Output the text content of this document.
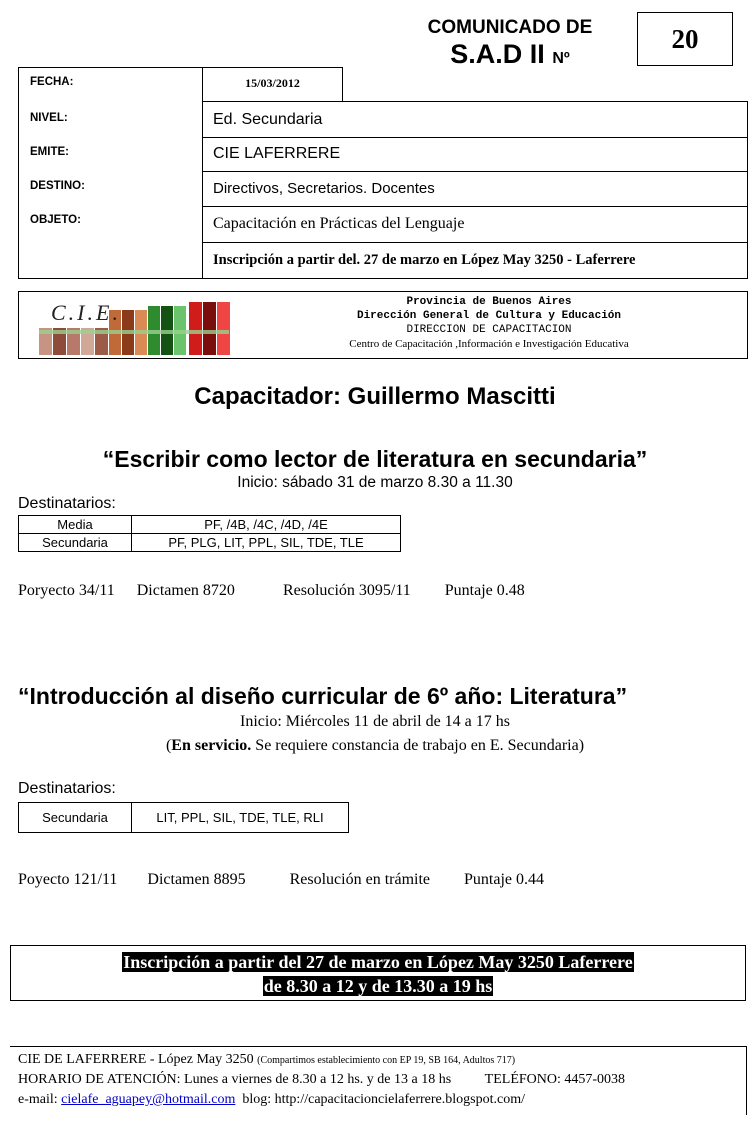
COMUNICADO DE
S.A.D II Nº
20
FECHA:	15/03/2012
NIVEL:	Ed. Secundaria
EMITE:	CIE LAFERRERE
DESTINO:	Directivos, Secretarios. Docentes
OBJETO:	Capacitación en Prácticas del Lenguaje
Inscripción a partir del. 27 de marzo en López May 3250 - Laferrere
C.I.E.	Provincia de Buenos Aires
Dirección General de Cultura y Educación
DIRECCION DE CAPACITACION
Centro de Capacitación ,Información e Investigación Educativa
Capacitador: Guillermo Mascitti
“Escribir como lector de literatura en secundaria”
Inicio: sábado 31 de marzo 8.30 a 11.30
Destinatarios:
Media	PF, /4B, /4C, /4D, /4E
Secundaria	PF, PLG, LIT, PPL, SIL, TDE, TLE
Poryecto 34/11 Dictamen 8720	Resolución 3095/11 Puntaje 0.48
“Introducción al diseño curricular de 6º año: Literatura”
Inicio: Miércoles 11 de abril de 14 a 17 hs
(En servicio. Se requiere constancia de trabajo en E. Secundaria)
Destinatarios:
Secundaria	LIT, PPL, SIL, TDE, TLE, RLI
Poyecto 121/11 Dictamen 8895	Resolución en trámite Puntaje 0.44
Inscripción a partir del 27 de marzo en López May 3250 Laferrere
de 8.30 a 12 y de 13.30 a 19 hs
CIE DE LAFERRERE - López May 3250 (Compartimos establecimiento con EP 19, SB 164, Adultos 717)
HORARIO DE ATENCIÓN: Lunes a viernes de 8.30 a 12 hs. y de 13 a 18 hs TELÉFONO: 4457-0038
e-mail: cielafe_aguapey@hotmail.com  blog: http://capacitacioncielaferrere.blogspot.com/
